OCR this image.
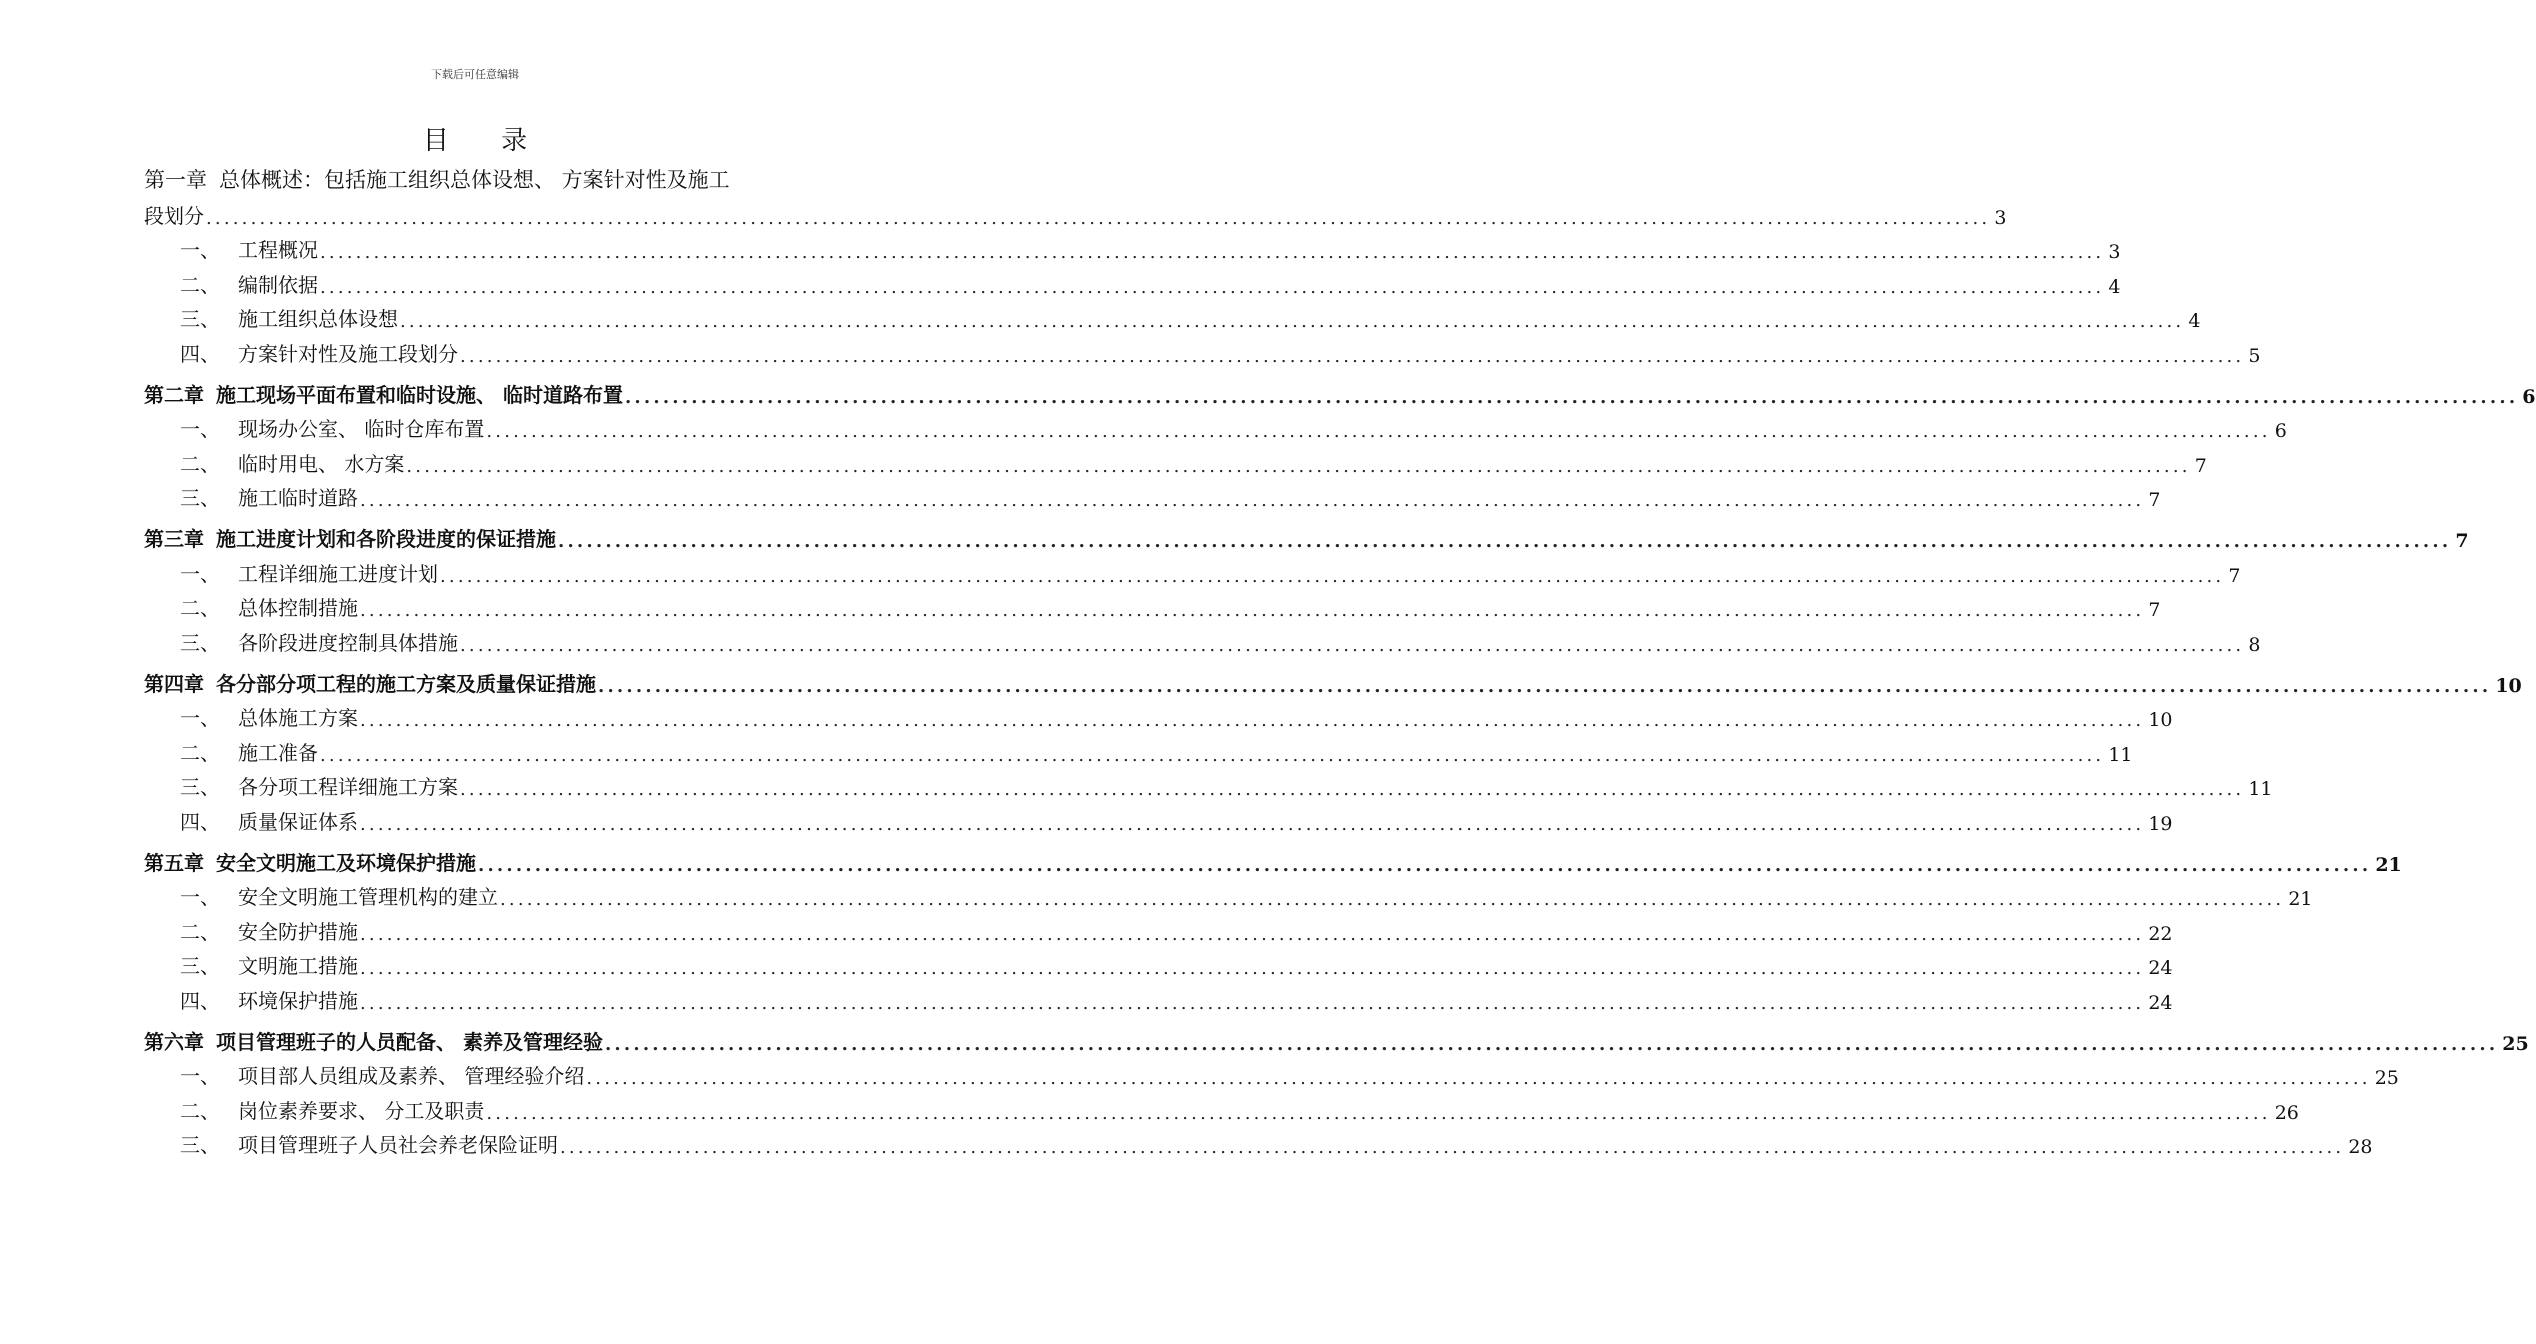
下载后可任意编辑
目 录
第一章 总体概述：包括施工组织总体设想、 方案针对性及施工
段划分 ........................................................................................................................................................................................................ 3
一、 工程概况 ........................................................................................................................................................................................................ 3
二、 编制依据 ........................................................................................................................................................................................................ 4
三、 施工组织总体设想 ........................................................................................................................................................................................................ 4
四、 方案针对性及施工段划分 ........................................................................................................................................................................................................ 5
第二章 施工现场平面布置和临时设施、 临时道路布置 ........................................................................................................................................................................................................ 6
一、 现场办公室、 临时仓库布置 ........................................................................................................................................................................................................ 6
二、 临时用电、 水方案 ........................................................................................................................................................................................................ 7
三、 施工临时道路 ........................................................................................................................................................................................................ 7
第三章 施工进度计划和各阶段进度的保证措施 ........................................................................................................................................................................................................ 7
一、 工程详细施工进度计划 ........................................................................................................................................................................................................ 7
二、 总体控制措施 ........................................................................................................................................................................................................ 7
三、 各阶段进度控制具体措施 ........................................................................................................................................................................................................ 8
第四章 各分部分项工程的施工方案及质量保证措施 ........................................................................................................................................................................................................ 10
一、 总体施工方案 ........................................................................................................................................................................................................ 10
二、 施工准备 ........................................................................................................................................................................................................ 11
三、 各分项工程详细施工方案 ........................................................................................................................................................................................................ 11
四、 质量保证体系 ........................................................................................................................................................................................................ 19
第五章 安全文明施工及环境保护措施 ........................................................................................................................................................................................................ 21
一、 安全文明施工管理机构的建立 ........................................................................................................................................................................................................ 21
二、 安全防护措施 ........................................................................................................................................................................................................ 22
三、 文明施工措施 ........................................................................................................................................................................................................ 24
四、 环境保护措施 ........................................................................................................................................................................................................ 24
第六章 项目管理班子的人员配备、 素养及管理经验 ........................................................................................................................................................................................................ 25
一、 项目部人员组成及素养、 管理经验介绍 ........................................................................................................................................................................................................ 25
二、 岗位素养要求、 分工及职责 ........................................................................................................................................................................................................ 26
三、 项目管理班子人员社会养老保险证明 ........................................................................................................................................................................................................ 28
